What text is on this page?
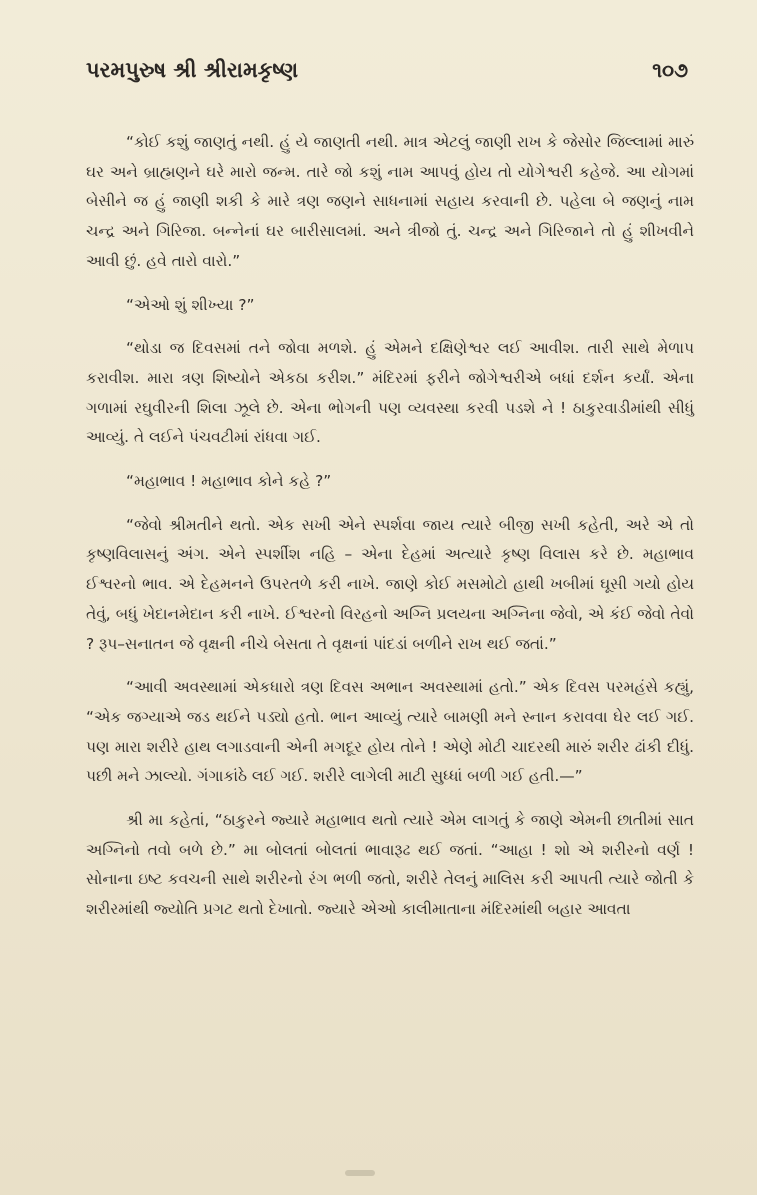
પરમપુરુષ શ્રી શ્રીરામકૃષ્ણ	૧૦૭

“કોઈ કશું જાણતું નથી. હું યે જાણતી નથી. માત્ર એટલું જાણી રાખ કે જેસોર જિલ્લામાં મારું ઘર અને બ્રાહ્મણને ઘરે મારો જન્મ. તારે જો કશું નામ આપવું હોય તો યોગેશ્વરી કહેજે. આ યોગમાં બેસીને જ હું જાણી શકી કે મારે ત્રણ જણને સાધનામાં સહાય કરવાની છે. પહેલા બે જણનું નામ ચન્દ્ર અને ગિરિજા. બન્નેનાં ઘર બારીસાલમાં. અને ત્રીજો તું. ચન્દ્ર અને ગિરિજાને તો હું શીખવીને આવી છું. હવે તારો વારો.”

“એઓ શું શીખ્યા ?”

“થોડા જ દિવસમાં તને જોવા મળશે. હું એમને દક્ષિણેશ્વર લઈ આવીશ. તારી સાથે મેળાપ કરાવીશ. મારા ત્રણ શિષ્યોને એકઠા કરીશ.” મંદિરમાં ફરીને જોગેશ્વરીએ બધાં દર્શન કર્યાં. એના ગળામાં રઘુવીરની શિલા ઝૂલે છે. એના ભોગની પણ વ્યવસ્થા કરવી પડશે ને ! ઠાકુરવાડીમાંથી સીધું આવ્યું. તે લઈને પંચવટીમાં રાંધવા ગઈ.

“મહાભાવ ! મહાભાવ કોને કહે ?”

“જેવો શ્રીમતીને થતો. એક સખી એને સ્પર્શવા જાય ત્યારે બીજી સખી કહેતી, અરે એ તો કૃષ્ણવિલાસનું અંગ. એને સ્પર્શીશ નહિ – એના દેહમાં અત્યારે કૃષ્ણ વિલાસ કરે છે. મહાભાવ ઈશ્વરનો ભાવ. એ દેહમનને ઉપરતળે કરી નાખે. જાણે કોઈ મસમોટો હાથી ખબીમાં ઘૂસી ગયો હોય તેવું, બધું ખેદાનમેદાન કરી નાખે. ઈશ્વરનો વિરહનો અગ્નિ પ્રલયના અગ્નિના જેવો, એ કંઈ જેવો તેવો ? રૂપ–સનાતન જે વૃક્ષની નીચે બેસતા તે વૃક્ષનાં પાંદડાં બળીને રાખ થઈ જતાં.”

“આવી અવસ્થામાં એકધારો ત્રણ દિવસ અભાન અવસ્થામાં હતો.” એક દિવસ પરમહંસે કહ્યું, “એક જગ્યાએ જડ થઈને પડ્યો હતો. ભાન આવ્યું ત્યારે બામણી મને સ્નાન કરાવવા ઘેર લઈ ગઈ. પણ મારા શરીરે હાથ લગાડવાની એની મગદૂર હોય તોને ! એણે મોટી ચાદરથી મારું શરીર ઢાંકી દીધું. પછી મને ઝાલ્યો. ગંગાકાંઠે લઈ ગઈ. શરીરે લાગેલી માટી સુધ્ધાં બળી ગઈ હતી.—”

શ્રી મા કહેતાં, “ઠાકુરને જ્યારે મહાભાવ થતો ત્યારે એમ લાગતું કે જાણે એમની છાતીમાં સાત અગ્નિનો તવો બળે છે.” મા બોલતાં બોલતાં ભાવારૂઢ થઈ જતાં. “આહા ! શો એ શરીરનો વર્ણ ! સોનાના ઇષ્ટ કવચની સાથે શરીરનો રંગ ભળી જતો, શરીરે તેલનું માલિસ કરી આપતી ત્યારે જોતી કે શરીરમાંથી જ્યોતિ પ્રગટ થતો દેખાતો. જ્યારે એઓ કાલીમાતાના મંદિરમાંથી બહાર આવતા
